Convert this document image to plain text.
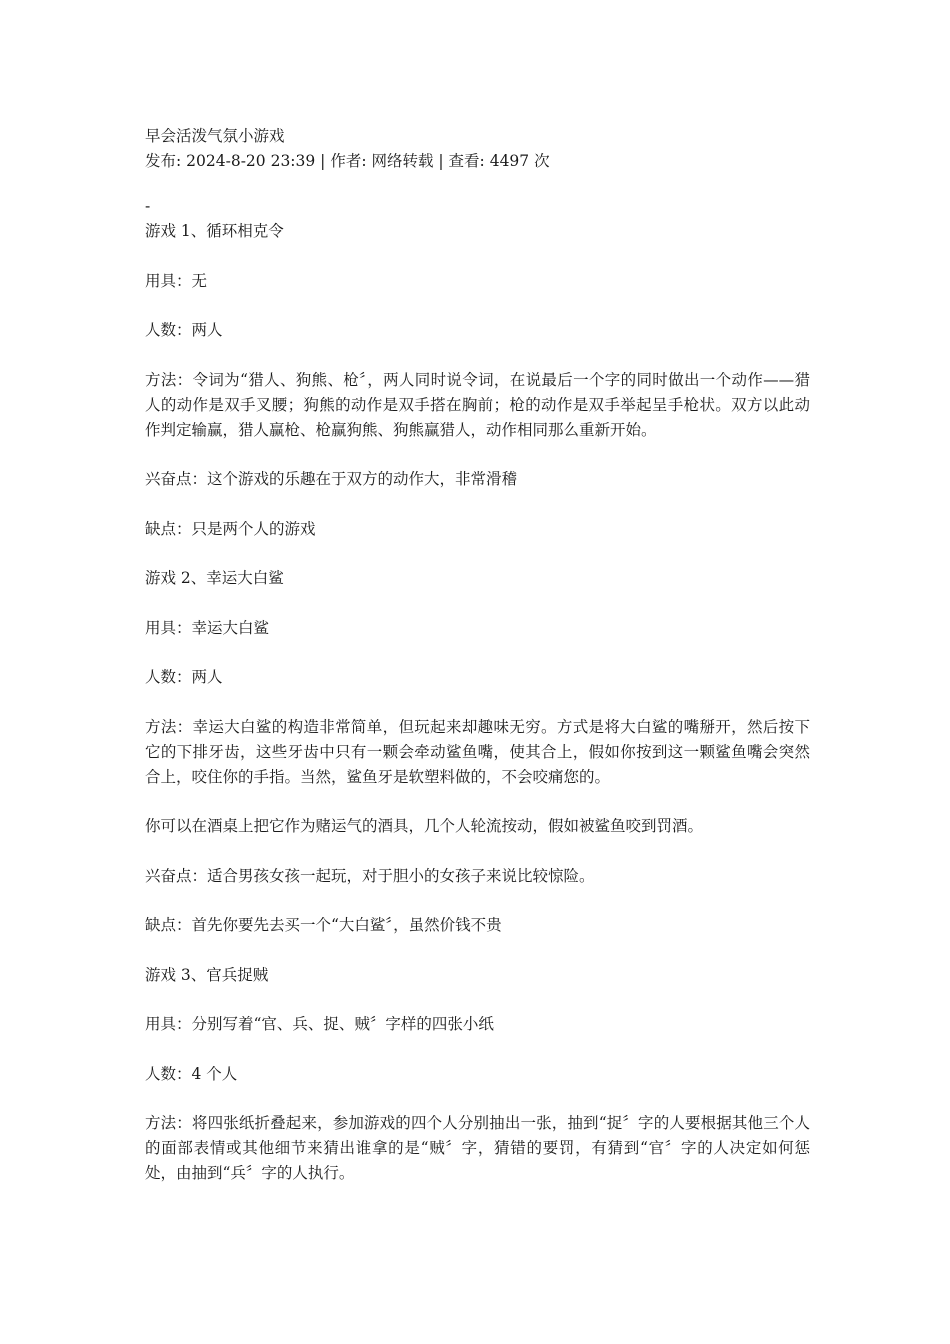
早会活泼气氛小游戏

发布: 2024-8-20 23:39 | 作者: 网络转载 | 查看: 4497 次

-

游戏 1、循环相克令

用具：无

人数：两人

方法：令词为“猎人、狗熊、枪〞，两人同时说令词，在说最后一个字的同时做出一个动作——猎人的动作是双手叉腰；狗熊的动作是双手搭在胸前；枪的动作是双手举起呈手枪状。双方以此动作判定输赢，猎人赢枪、枪赢狗熊、狗熊赢猎人，动作相同那么重新开始。

兴奋点：这个游戏的乐趣在于双方的动作大，非常滑稽

缺点：只是两个人的游戏

游戏 2、幸运大白鲨

用具：幸运大白鲨

人数：两人

方法：幸运大白鲨的构造非常简单，但玩起来却趣味无穷。方式是将大白鲨的嘴掰开，然后按下它的下排牙齿，这些牙齿中只有一颗会牵动鲨鱼嘴，使其合上，假如你按到这一颗鲨鱼嘴会突然合上，咬住你的手指。当然，鲨鱼牙是软塑料做的，不会咬痛您的。

你可以在酒桌上把它作为赌运气的酒具，几个人轮流按动，假如被鲨鱼咬到罚酒。

兴奋点：适合男孩女孩一起玩，对于胆小的女孩子来说比较惊险。

缺点：首先你要先去买一个“大白鲨〞，虽然价钱不贵

游戏 3、官兵捉贼

用具：分别写着“官、兵、捉、贼〞字样的四张小纸

人数：4 个人

方法：将四张纸折叠起来，参加游戏的四个人分别抽出一张，抽到“捉〞字的人要根据其他三个人的面部表情或其他细节来猜出谁拿的是“贼〞字，猜错的要罚，有猜到“官〞字的人决定如何惩处，由抽到“兵〞字的人执行。
